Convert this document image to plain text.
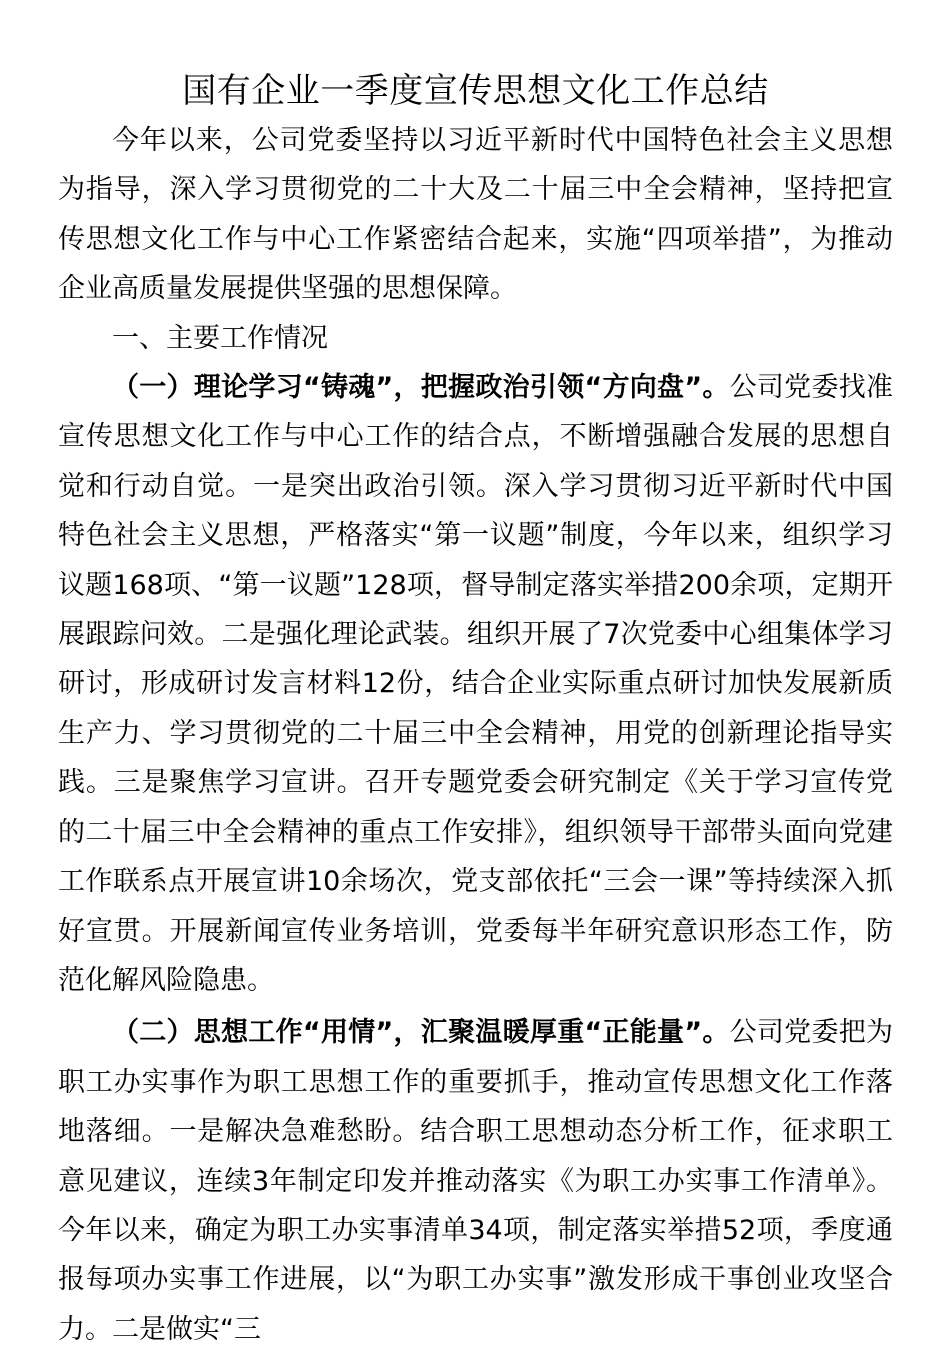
国有企业一季度宣传思想文化工作总结

今年以来，公司党委坚持以习近平新时代中国特色社会主义思想为指导，深入学习贯彻党的二十大及二十届三中全会精神，坚持把宣传思想文化工作与中心工作紧密结合起来，实施“四项举措”，为推动企业高质量发展提供坚强的思想保障。

一、主要工作情况

（一）理论学习“铸魂”，把握政治引领“方向盘”。公司党委找准宣传思想文化工作与中心工作的结合点，不断增强融合发展的思想自觉和行动自觉。一是突出政治引领。深入学习贯彻习近平新时代中国特色社会主义思想，严格落实“第一议题”制度，今年以来，组织学习议题168项、“第一议题”128项，督导制定落实举措200余项，定期开展跟踪问效。二是强化理论武装。组织开展了7次党委中心组集体学习研讨，形成研讨发言材料12份，结合企业实际重点研讨加快发展新质生产力、学习贯彻党的二十届三中全会精神，用党的创新理论指导实践。三是聚焦学习宣讲。召开专题党委会研究制定《关于学习宣传党的二十届三中全会精神的重点工作安排》，组织领导干部带头面向党建工作联系点开展宣讲10余场次，党支部依托“三会一课”等持续深入抓好宣贯。开展新闻宣传业务培训，党委每半年研究意识形态工作，防范化解风险隐患。

（二）思想工作“用情”，汇聚温暖厚重“正能量”。公司党委把为职工办实事作为职工思想工作的重要抓手，推动宣传思想文化工作落地落细。一是解决急难愁盼。结合职工思想动态分析工作，征求职工意见建议，连续3年制定印发并推动落实《为职工办实事工作清单》。今年以来，确定为职工办实事清单34项，制定落实举措52项，季度通报每项办实事工作进展，以“为职工办实事”激发形成干事创业攻坚合力。二是做实“三
